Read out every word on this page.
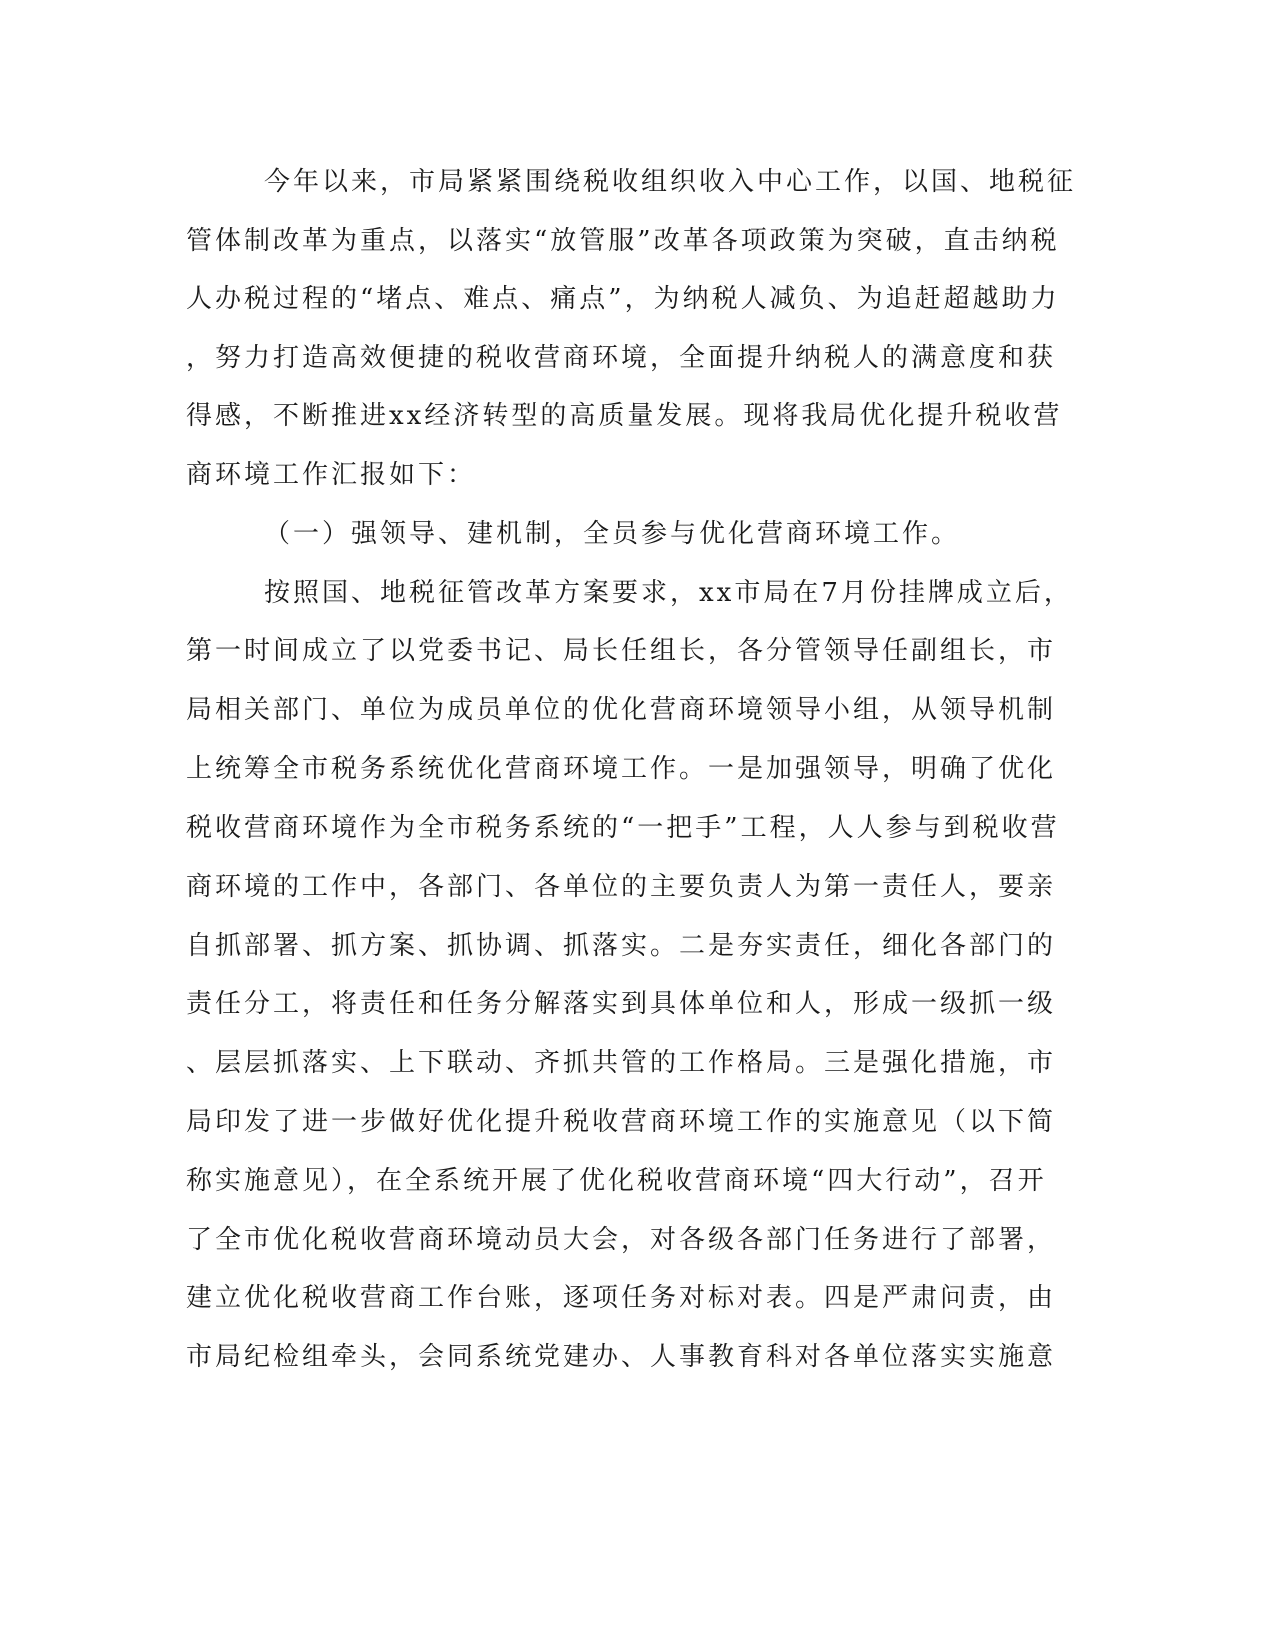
今年以来，市局紧紧围绕税收组织收入中心工作，以国、地税征
管体制改革为重点，以落实“放管服”改革各项政策为突破，直击纳税
人办税过程的“堵点、难点、痛点”，为纳税人减负、为追赶超越助力
，努力打造高效便捷的税收营商环境，全面提升纳税人的满意度和获
得感，不断推进xx经济转型的高质量发展。现将我局优化提升税收营
商环境工作汇报如下：
（一）强领导、建机制，全员参与优化营商环境工作。
按照国、地税征管改革方案要求，xx市局在7月份挂牌成立后，
第一时间成立了以党委书记、局长任组长，各分管领导任副组长，市
局相关部门、单位为成员单位的优化营商环境领导小组，从领导机制
上统筹全市税务系统优化营商环境工作。一是加强领导，明确了优化
税收营商环境作为全市税务系统的“一把手”工程，人人参与到税收营
商环境的工作中，各部门、各单位的主要负责人为第一责任人，要亲
自抓部署、抓方案、抓协调、抓落实。二是夯实责任，细化各部门的
责任分工，将责任和任务分解落实到具体单位和人，形成一级抓一级
、层层抓落实、上下联动、齐抓共管的工作格局。三是强化措施，市
局印发了进一步做好优化提升税收营商环境工作的实施意见（以下简
称实施意见），在全系统开展了优化税收营商环境“四大行动”，召开
了全市优化税收营商环境动员大会，对各级各部门任务进行了部署，
建立优化税收营商工作台账，逐项任务对标对表。四是严肃问责，由
市局纪检组牵头，会同系统党建办、人事教育科对各单位落实实施意
